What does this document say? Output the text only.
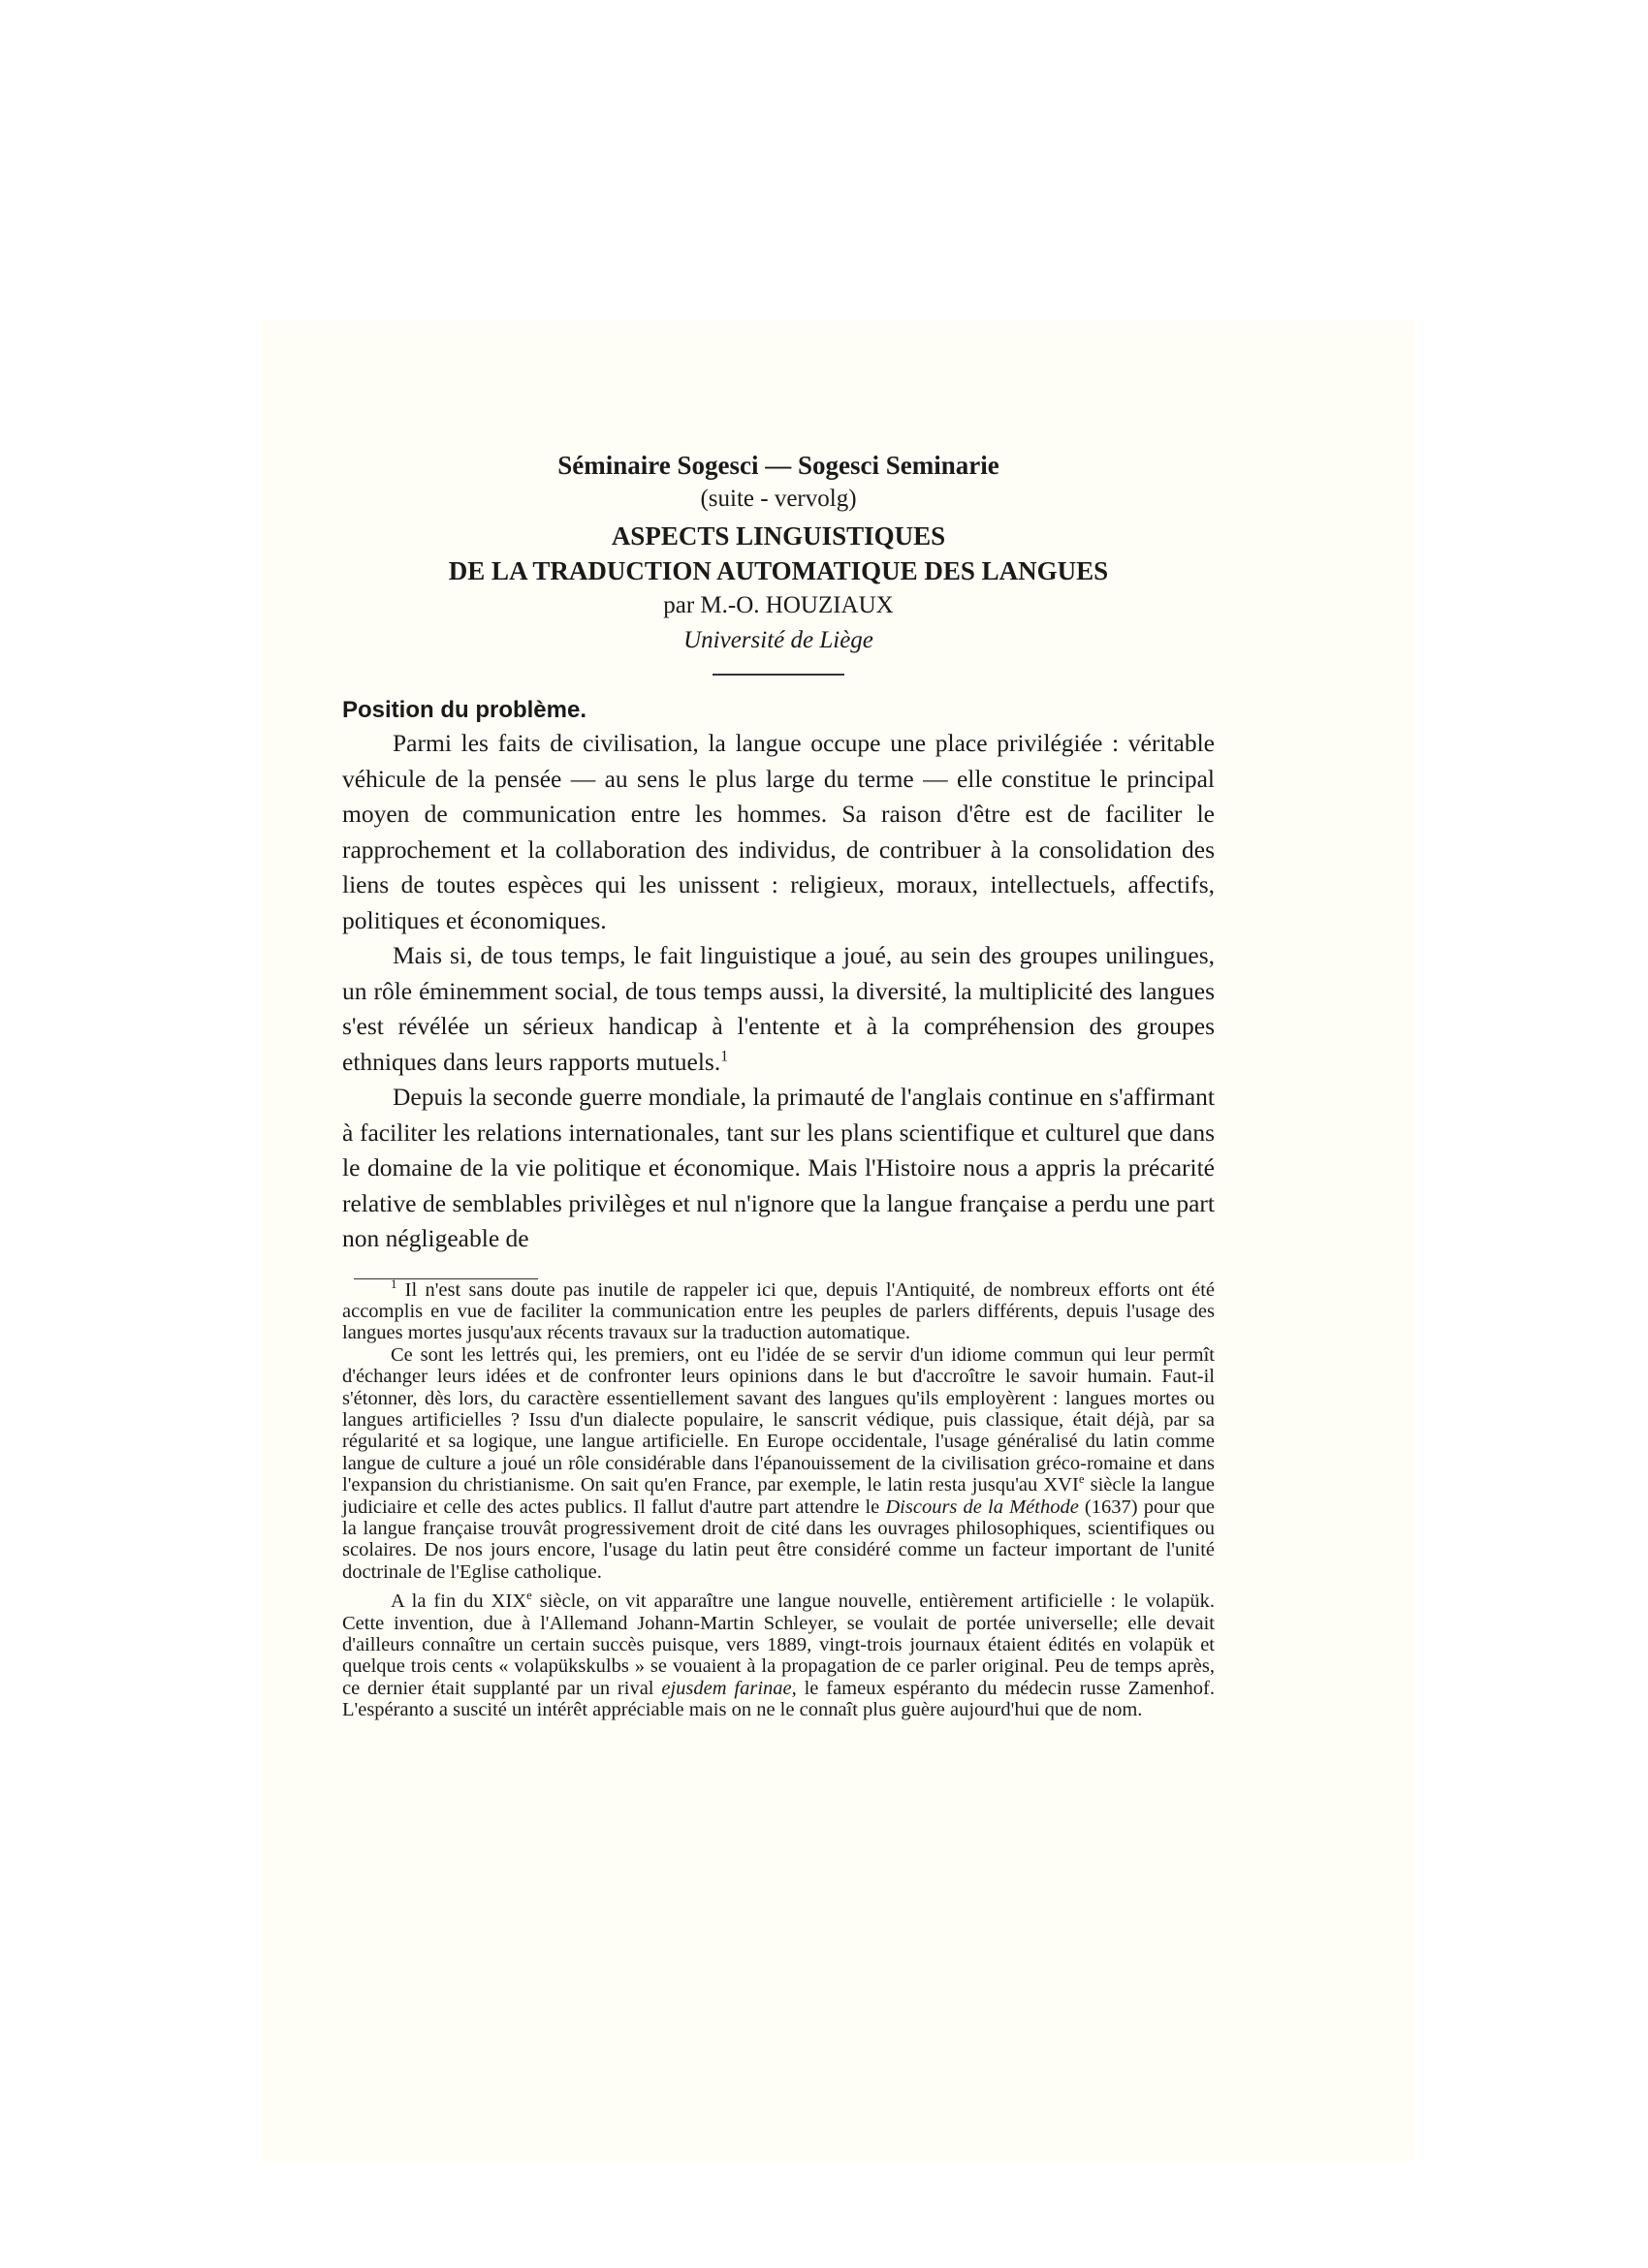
Séminaire Sogesci — Sogesci Seminarie
(suite - vervolg)
ASPECTS LINGUISTIQUES
DE LA TRADUCTION AUTOMATIQUE DES LANGUES
par M.-O. HOUZIAUX
Université de Liège
Position du problème.

Parmi les faits de civilisation, la langue occupe une place privilégiée : véritable véhicule de la pensée — au sens le plus large du terme — elle constitue le principal moyen de communication entre les hommes. Sa raison d'être est de faciliter le rapprochement et la collaboration des individus, de contribuer à la consolidation des liens de toutes espèces qui les unissent : religieux, moraux, intellectuels, affectifs, politiques et économiques.

Mais si, de tous temps, le fait linguistique a joué, au sein des groupes unilingues, un rôle éminemment social, de tous temps aussi, la diversité, la multiplicité des langues s'est révélée un sérieux handicap à l'entente et à la compréhension des groupes ethniques dans leurs rapports mutuels.$^1$

Depuis la seconde guerre mondiale, la primauté de l'anglais continue en s'affirmant à faciliter les relations internationales, tant sur les plans scientifique et culturel que dans le domaine de la vie politique et économique. Mais l'Histoire nous a appris la précarité relative de semblables privilèges et nul n'ignore que la langue française a perdu une part non négligeable de

$^1$ Il n'est sans doute pas inutile de rappeler ici que, depuis l'Antiquité, de nombreux efforts ont été accomplis en vue de faciliter la communication entre les peuples de parlers différents, depuis l'usage des langues mortes jusqu'aux récents travaux sur la traduction automatique.

Ce sont les lettrés qui, les premiers, ont eu l'idée de se servir d'un idiome commun qui leur permît d'échanger leurs idées et de confronter leurs opinions dans le but d'accroître le savoir humain. Faut-il s'étonner, dès lors, du caractère essentiellement savant des langues qu'ils employèrent : langues mortes ou langues artificielles ? Issu d'un dialecte populaire, le sanscrit védique, puis classique, était déjà, par sa régularité et sa logique, une langue artificielle. En Europe occidentale, l'usage généralisé du latin comme langue de culture a joué un rôle considérable dans l'épanouissement de la civilisation gréco-romaine et dans l'expansion du christianisme. On sait qu'en France, par exemple, le latin resta jusqu'au XVIe siècle la langue judiciaire et celle des actes publics. Il fallut d'autre part attendre le Discours de la Méthode (1637) pour que la langue française trouvât progressivement droit de cité dans les ouvrages philosophiques, scientifiques ou scolaires. De nos jours encore, l'usage du latin peut être considéré comme un facteur important de l'unité doctrinale de l'Eglise catholique.

A la fin du XIXe siècle, on vit apparaître une langue nouvelle, entièrement artificielle : le volapük. Cette invention, due à l'Allemand Johann-Martin Schleyer, se voulait de portée universelle; elle devait d'ailleurs connaître un certain succès puisque, vers 1889, vingt-trois journaux étaient édités en volapük et quelque trois cents « volapükskulbs » se vouaient à la propagation de ce parler original. Peu de temps après, ce dernier était supplanté par un rival ejusdem farinae, le fameux espéranto du médecin russe Zamenhof. L'espéranto a suscité un intérêt appréciable mais on ne le connaît plus guère aujourd'hui que de nom.
